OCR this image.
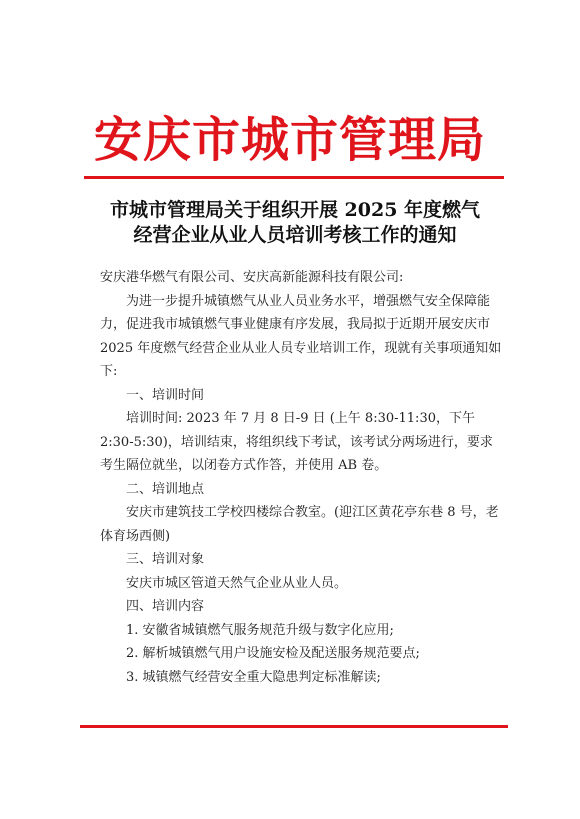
安庆市城市管理局
市城市管理局关于组织开展 2025 年度燃气
经营企业从业人员培训考核工作的通知

安庆港华燃气有限公司、安庆高新能源科技有限公司:

为进一步提升城镇燃气从业人员业务水平，增强燃气安全保障能力，促进我市城镇燃气事业健康有序发展，我局拟于近期开展安庆市 2025 年度燃气经营企业从业人员专业培训工作，现就有关事项通知如下:

一、培训时间

培训时间: 2023 年 7 月 8 日-9 日 (上午 8:30-11:30，下午 2:30-5:30)，培训结束，将组织线下考试，该考试分两场进行，要求考生隔位就坐，以闭卷方式作答，并使用 AB 卷。

二、培训地点

安庆市建筑技工学校四楼综合教室。(迎江区黄花亭东巷 8 号，老体育场西侧)

三、培训对象

安庆市城区管道天然气企业从业人员。

四、培训内容

1. 安徽省城镇燃气服务规范升级与数字化应用;

2. 解析城镇燃气用户设施安检及配送服务规范要点;

3. 城镇燃气经营安全重大隐患判定标准解读;
